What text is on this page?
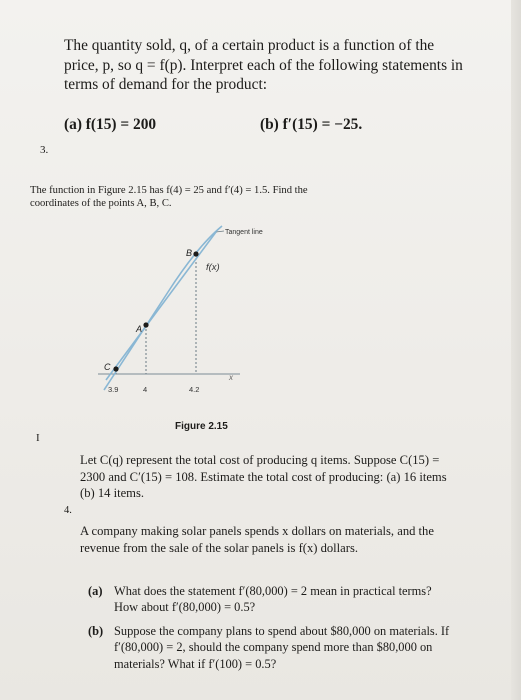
The quantity sold, q, of a certain product is a function of the price, p, so q = f(p). Interpret each of the following statements in terms of demand for the product:
(a) f(15) = 200	(b) f′(15) = −25.
3.
The function in Figure 2.15 has f(4) = 25 and f′(4) = 1.5. Find the coordinates of the points A, B, C.
Tangent line
f(x)
x
A
B
C
3.9	4	4.2
Figure 2.15
I
Let C(q) represent the total cost of producing q items. Suppose C(15) = 2300 and C′(15) = 108. Estimate the total cost of producing: (a) 16 items (b) 14 items.
4.
A company making solar panels spends x dollars on materials, and the revenue from the sale of the solar panels is f(x) dollars.
(a) What does the statement f′(80,000) = 2 mean in practical terms? How about f′(80,000) = 0.5?
(b) Suppose the company plans to spend about $80,000 on materials. If f′(80,000) = 2, should the company spend more than $80,000 on materials? What if f′(100) = 0.5?
